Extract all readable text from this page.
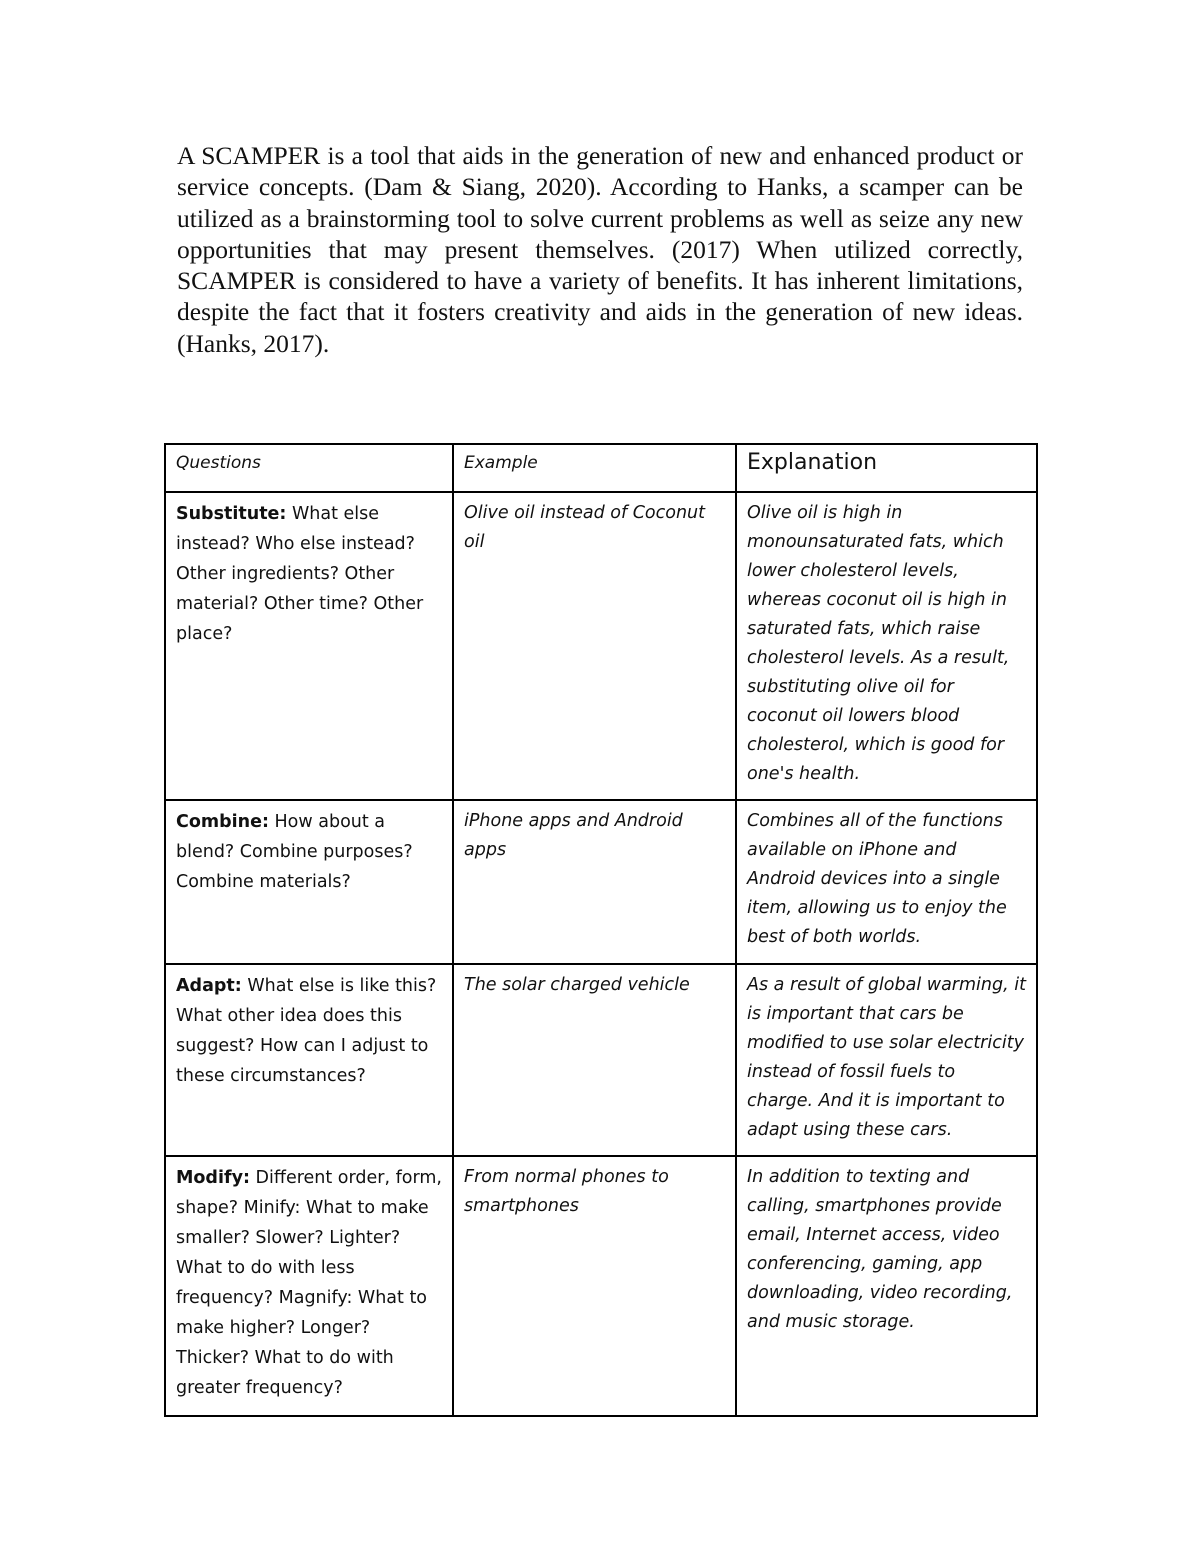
A SCAMPER is a tool that aids in the generation of new and enhanced product or service concepts. (Dam & Siang, 2020). According to Hanks, a scamper can be utilized as a brainstorming tool to solve current problems as well as seize any new opportunities that may present themselves. (2017) When utilized correctly, SCAMPER is considered to have a variety of benefits. It has inherent limitations, despite the fact that it fosters creativity and aids in the generation of new ideas. (Hanks, 2017).

Questions	Example	Explanation
Substitute: What else instead? Who else instead? Other ingredients? Other material? Other time? Other place?	Olive oil instead of Coconut oil	Olive oil is high in monounsaturated fats, which lower cholesterol levels, whereas coconut oil is high in saturated fats, which raise cholesterol levels. As a result, substituting olive oil for coconut oil lowers blood cholesterol, which is good for one's health.
Combine: How about a blend? Combine purposes? Combine materials?	iPhone apps and Android apps	Combines all of the functions available on iPhone and Android devices into a single item, allowing us to enjoy the best of both worlds.
Adapt: What else is like this? What other idea does this suggest? How can I adjust to these circumstances?	The solar charged vehicle	As a result of global warming, it is important that cars be modified to use solar electricity instead of fossil fuels to charge. And it is important to adapt using these cars.
Modify: Different order, form, shape? Minify: What to make smaller? Slower? Lighter? What to do with less frequency? Magnify: What to make higher? Longer? Thicker? What to do with greater frequency?	From normal phones to smartphones	In addition to texting and calling, smartphones provide email, Internet access, video conferencing, gaming, app downloading, video recording, and music storage.
